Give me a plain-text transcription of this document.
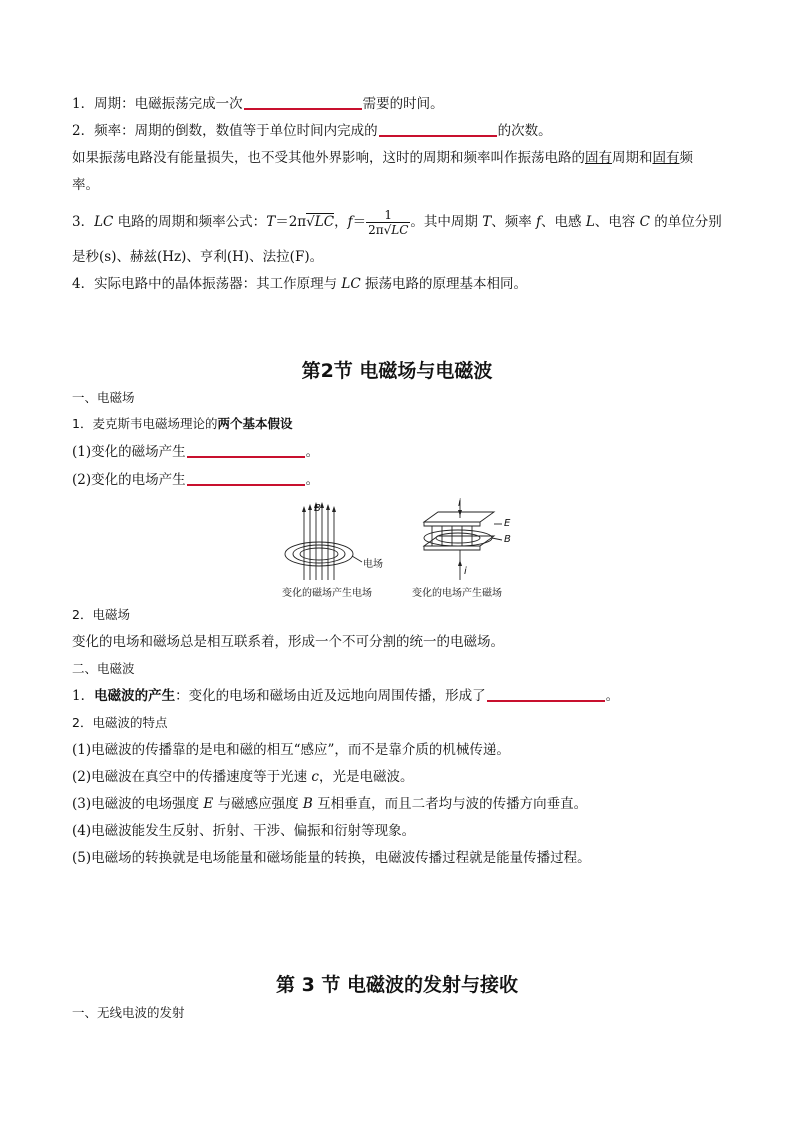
1．周期：电磁振荡完成一次	需要的时间。
2．频率：周期的倒数，数值等于单位时间内完成的	的次数。
如果振荡电路没有能量损失，也不受其他外界影响，这时的周期和频率叫作振荡电路的固有周期和固有频
率。
3．LC 电路的周期和频率公式：T＝2π√LC，$f= \frac{1}{2\pi√LC}$ 。其中周期 T、频率 f、电感 L、电容 C 的单位分别
是秒(s)、赫兹(Hz)、亨利(H)、法拉(F)。
4．实际电路中的晶体振荡器：其工作原理与 LC 振荡电路的原理基本相同。
第2节 电磁场与电磁波
一、电磁场
1．麦克斯韦电磁场理论的两个基本假设
(1)变化的磁场产生	。
(2)变化的电场产生	。
B
电场
变化的磁场产生电场
i
E
B
i
变化的电场产生磁场
2．电磁场
变化的电场和磁场总是相互联系着，形成一个不可分割的统一的电磁场。
二、电磁波
1．电磁波的产生：变化的电场和磁场由近及远地向周围传播，形成了	。
2．电磁波的特点
(1)电磁波的传播靠的是电和磁的相互“感应”，而不是靠介质的机械传递。
(2)电磁波在真空中的传播速度等于光速 c，光是电磁波。
(3)电磁波的电场强度 E 与磁感应强度 B 互相垂直，而且二者均与波的传播方向垂直。
(4)电磁波能发生反射、折射、干涉、偏振和衍射等现象。
(5)电磁场的转换就是电场能量和磁场能量的转换，电磁波传播过程就是能量传播过程。
第 3 节 电磁波的发射与接收
一、无线电波的发射
